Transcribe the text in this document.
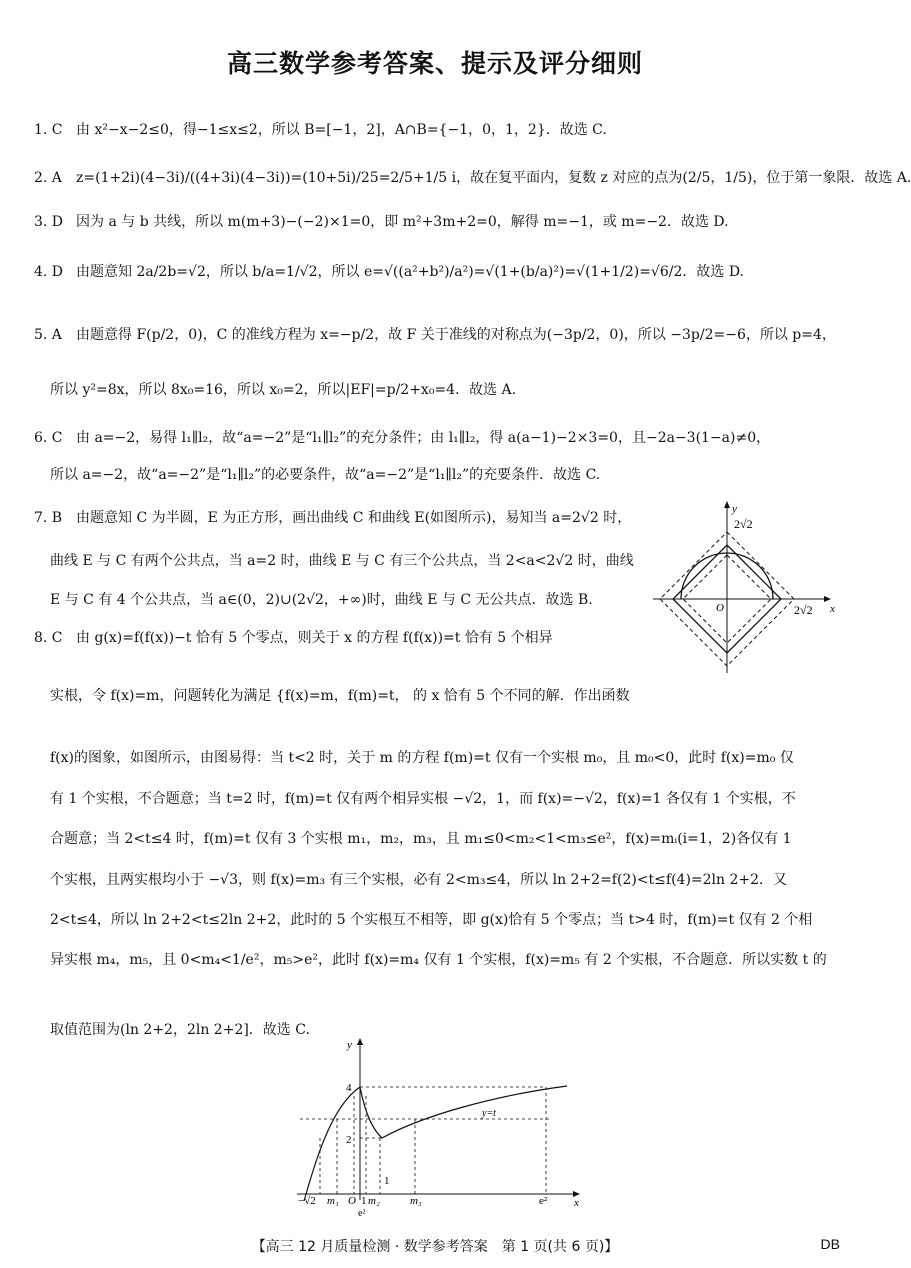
高三数学参考答案、提示及评分细则
1. C 由 x²−x−2≤0，得−1≤x≤2，所以 B=[−1，2]，A∩B={−1，0，1，2}．故选 C.
2. A z=(1+2i)(4−3i)/((4+3i)(4−3i))=(10+5i)/25=2/5+1/5 i，故在复平面内，复数 z 对应的点为(2/5，1/5)，位于第一象限．故选 A.
3. D 因为 a 与 b 共线，所以 m(m+3)−(−2)×1=0，即 m²+3m+2=0，解得 m=−1，或 m=−2．故选 D.
4. D 由题意知 2a/2b=√2，所以 b/a=1/√2，所以 e=√((a²+b²)/a²)=√(1+(b/a)²)=√(1+1/2)=√6/2．故选 D.
5. A 由题意得 F(p/2，0)，C 的准线方程为 x=−p/2，故 F 关于准线的对称点为(−3p/2，0)，所以 −3p/2=−6，所以 p=4，
所以 y²=8x，所以 8x₀=16，所以 x₀=2，所以|EF|=p/2+x₀=4．故选 A.
6. C 由 a=−2，易得 l₁∥l₂，故“a=−2”是“l₁∥l₂”的充分条件；由 l₁∥l₂，得 a(a−1)−2×3=0，且−2a−3(1−a)≠0，
所以 a=−2，故“a=−2”是“l₁∥l₂”的必要条件，故“a=−2”是“l₁∥l₂”的充要条件．故选 C.
7. B 由题意知 C 为半圆，E 为正方形，画出曲线 C 和曲线 E(如图所示)，易知当 a=2√2 时，
曲线 E 与 C 有两个公共点，当 a=2 时，曲线 E 与 C 有三个公共点，当 2<a<2√2 时，曲线
E 与 C 有 4 个公共点，当 a∈(0，2)∪(2√2，+∞)时，曲线 E 与 C 无公共点．故选 B.
8. C 由 g(x)=f(f(x))−t 恰有 5 个零点，则关于 x 的方程 f(f(x))=t 恰有 5 个相异
实根，令 f(x)=m，问题转化为满足 {f(x)=m，f(m)=t， 的 x 恰有 5 个不同的解．作出函数
f(x)的图象，如图所示，由图易得：当 t<2 时，关于 m 的方程 f(m)=t 仅有一个实根 m₀，且 m₀<0，此时 f(x)=m₀ 仅
有 1 个实根，不合题意；当 t=2 时，f(m)=t 仅有两个相异实根 −√2，1，而 f(x)=−√2，f(x)=1 各仅有 1 个实根，不
合题意；当 2<t≤4 时，f(m)=t 仅有 3 个实根 m₁，m₂，m₃，且 m₁≤0<m₂<1<m₃≤e²，f(x)=mᵢ(i=1，2)各仅有 1
个实根，且两实根均小于 −√3，则 f(x)=m₃ 有三个实根，必有 2<m₃≤4，所以 ln 2+2=f(2)<t≤f(4)=2ln 2+2．又
2<t≤4，所以 ln 2+2<t≤2ln 2+2，此时的 5 个实根互不相等，即 g(x)恰有 5 个零点；当 t>4 时，f(m)=t 仅有 2 个相
异实根 m₄，m₅，且 0<m₄<1/e²，m₅>e²，此时 f(x)=m₄ 仅有 1 个实根，f(x)=m₅ 有 2 个实根，不合题意．所以实数 t 的
取值范围为(ln 2+2，2ln 2+2]．故选 C.
y
x
O
2√2
2√2
y
x
4
2
1
y=t
−√2 m₁ O 1 m₂	m₃
e²
e²
【高三 12 月质量检测 · 数学参考答案　第 1 页(共 6 页)】	DB
